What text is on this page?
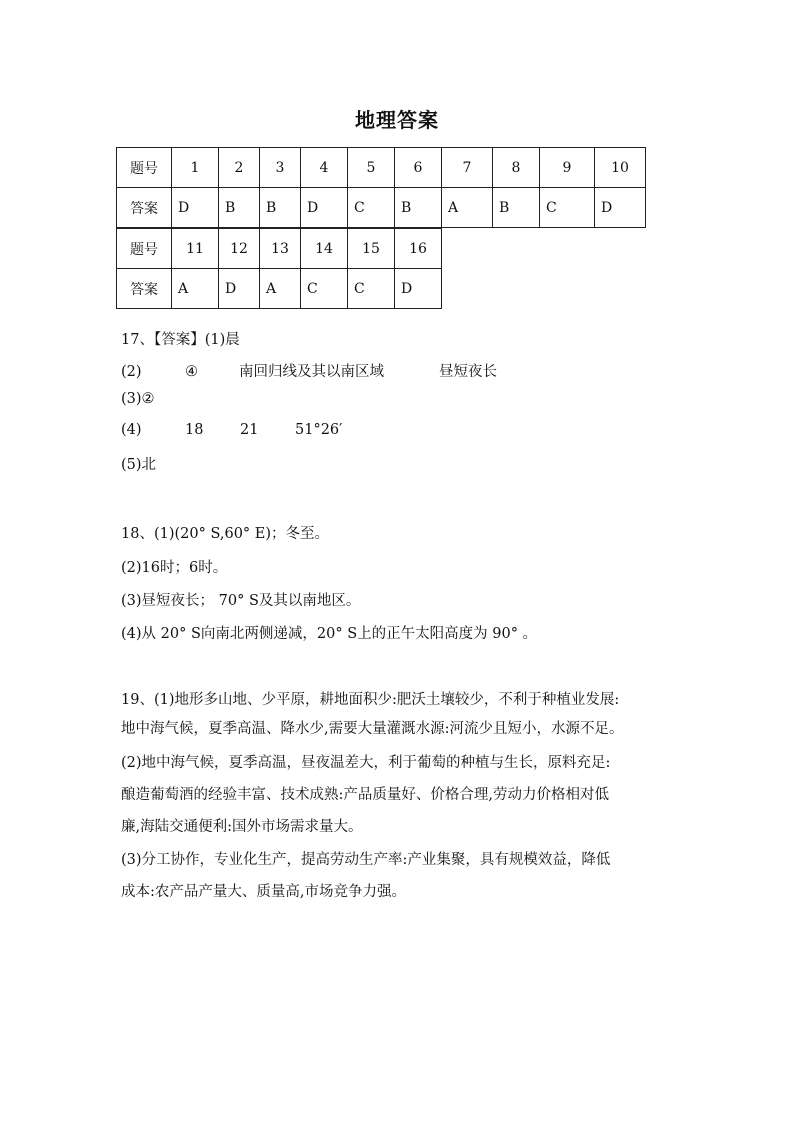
地理答案
题号	1	2	3	4	5	6	7	8	9	10
答案	D	B	B	D	C	B	A	B	C	D
题号	11	12	13	14	15	16
答案	A	D	A	C	C	D
17、【答案】(1)晨
(2)	④	南回归线及其以南区域	昼短夜长
(3)②
(4)	18	21	51°26′
(5)北
18、(1)(20° S,60° E)；冬至。
(2)16时；6时。
(3)昼短夜长； 70° S及其以南地区。
(4)从 20° S向南北两侧递减，20° S上的正午太阳高度为 90° 。
19、(1)地形多山地、少平原，耕地面积少:肥沃土壤较少，不利于种植业发展:
地中海气候，夏季高温、降水少,需要大量灌溉水源:河流少且短小，水源不足。
(2)地中海气候，夏季高温，昼夜温差大，利于葡萄的种植与生长，原料充足:
酿造葡萄酒的经验丰富、技术成熟:产品质量好、价格合理,劳动力价格相对低
廉,海陆交通便利:国外市场需求量大。
(3)分工协作，专业化生产，提高劳动生产率:产业集聚，具有规模效益，降低
成本:农产品产量大、质量高,市场竞争力强。
